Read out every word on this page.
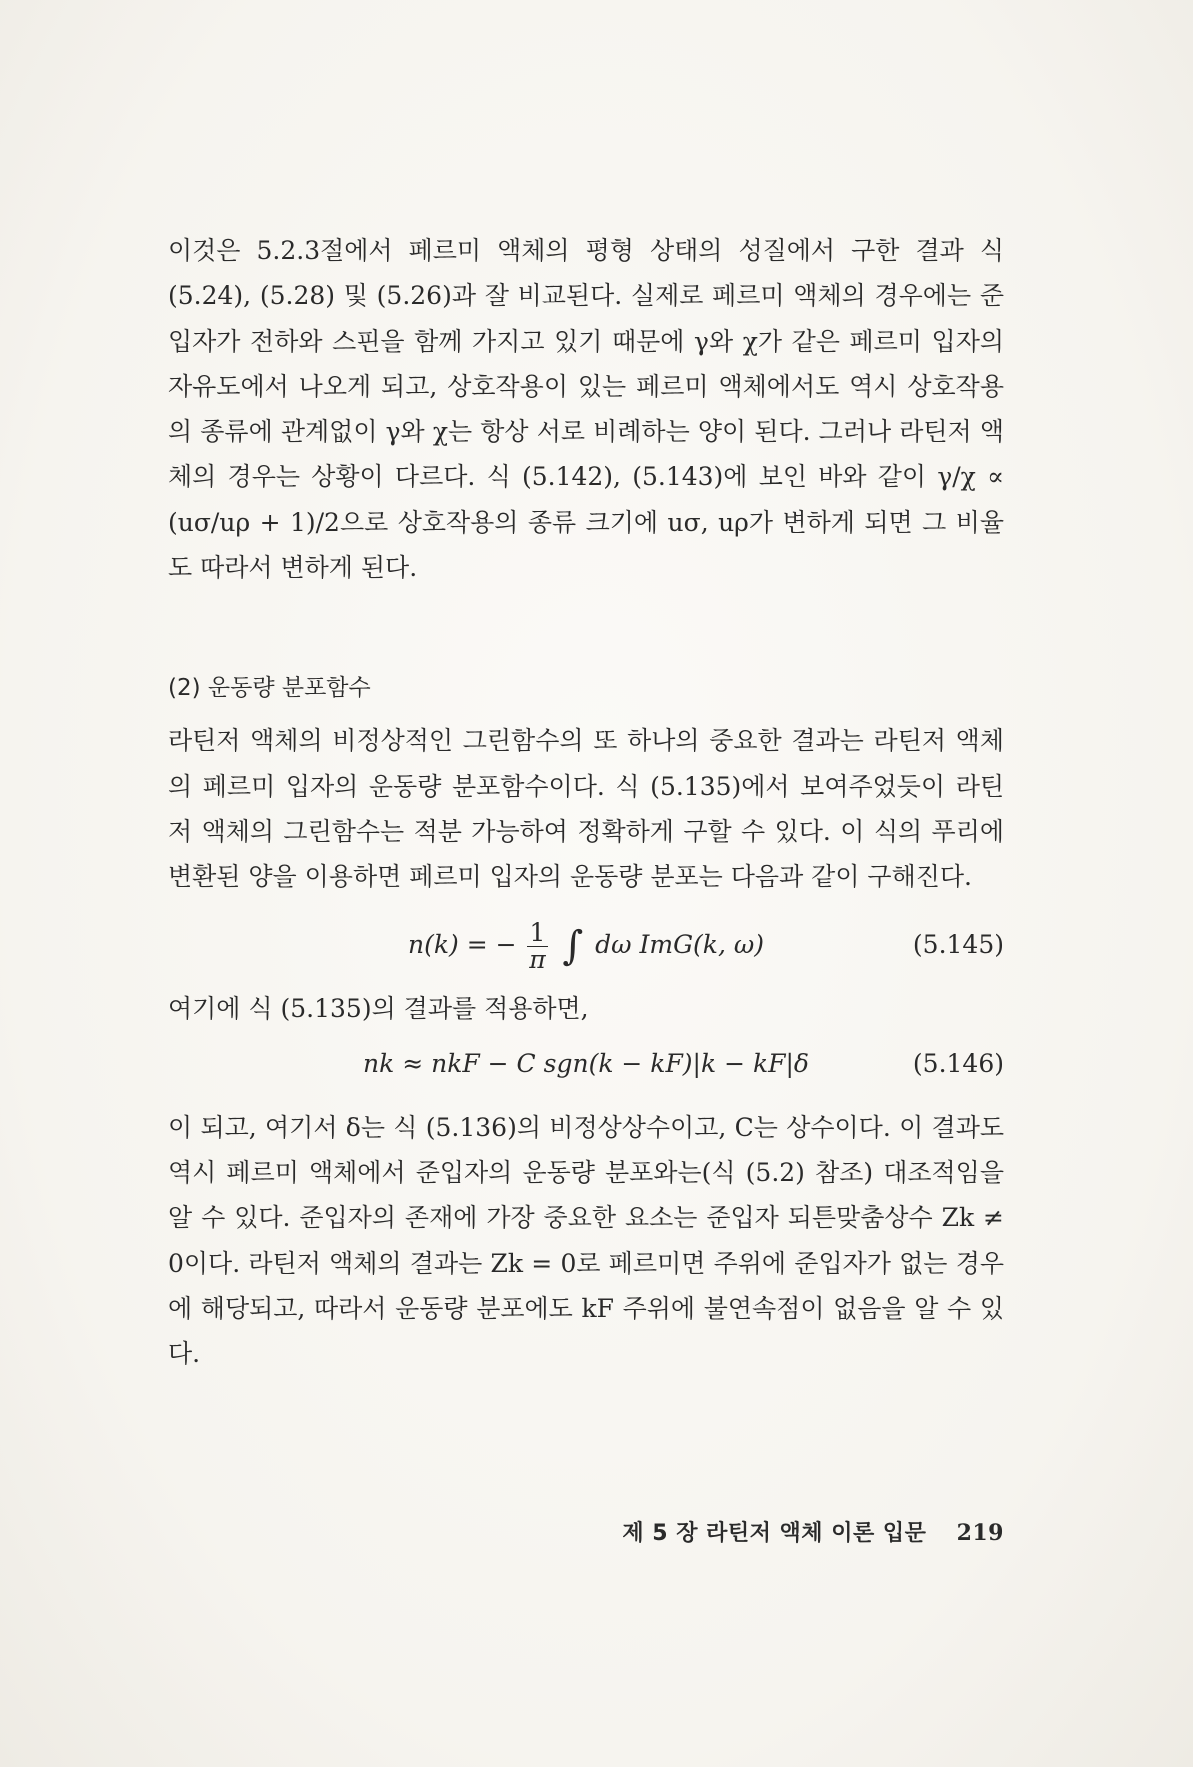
이것은 5.2.3절에서 페르미 액체의 평형 상태의 성질에서 구한 결과 식 (5.24), (5.28) 및 (5.26)과 잘 비교된다. 실제로 페르미 액체의 경우에는 준입자가 전하와 스핀을 함께 가지고 있기 때문에 γ와 χ가 같은 페르미 입자의 자유도에서 나오게 되고, 상호작용이 있는 페르미 액체에서도 역시 상호작용의 종류에 관계없이 γ와 χ는 항상 서로 비례하는 양이 된다. 그러나 라틴저 액체의 경우는 상황이 다르다. 식 (5.142), (5.143)에 보인 바와 같이 γ/χ ∝ (uσ/uρ + 1)/2으로 상호작용의 종류 크기에 uσ, uρ가 변하게 되면 그 비율도 따라서 변하게 된다.

(2) 운동량 분포함수

라틴저 액체의 비정상적인 그린함수의 또 하나의 중요한 결과는 라틴저 액체의 페르미 입자의 운동량 분포함수이다. 식 (5.135)에서 보여주었듯이 라틴저 액체의 그린함수는 적분 가능하여 정확하게 구할 수 있다. 이 식의 푸리에변환된 양을 이용하면 페르미 입자의 운동량 분포는 다음과 같이 구해진다.

n(k) = − $\frac{1}{\pi}$ ∫ dω ImG(k, ω)	(5.145)

여기에 식 (5.135)의 결과를 적용하면,

nk ≈ nkF − C sgn(k − kF)|k − kF|δ	(5.146)

이 되고, 여기서 δ는 식 (5.136)의 비정상상수이고, C는 상수이다. 이 결과도 역시 페르미 액체에서 준입자의 운동량 분포와는(식 (5.2) 참조) 대조적임을 알 수 있다. 준입자의 존재에 가장 중요한 요소는 준입자 되튼맞춤상수 Zk ≠ 0이다. 라틴저 액체의 결과는 Zk = 0로 페르미면 주위에 준입자가 없는 경우에 해당되고, 따라서 운동량 분포에도 kF 주위에 불연속점이 없음을 알 수 있다.

제 5 장 라틴저 액체 이론 입문 219
